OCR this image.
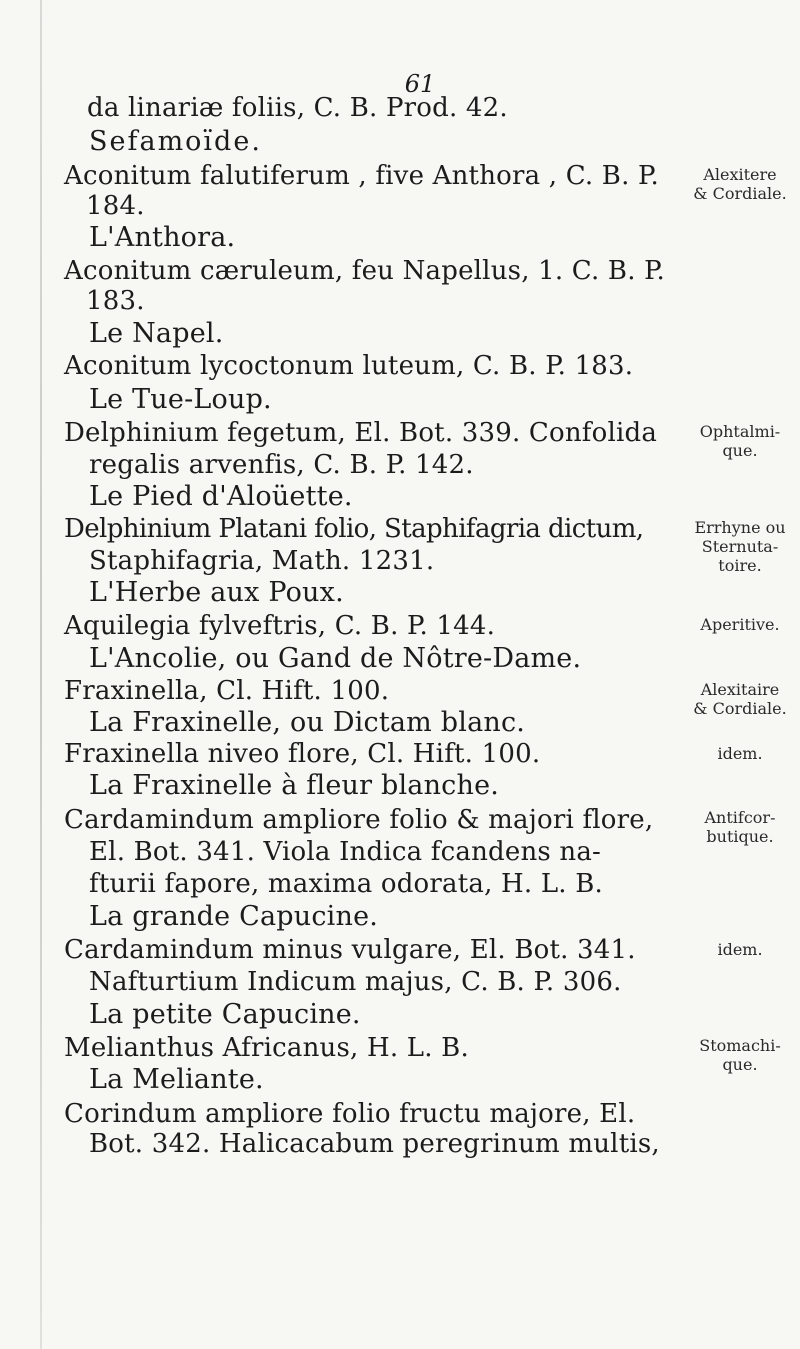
61
da linariæ foliis, C. B. Prod. 42.
Sefamoïde.
Aconitum falutiferum , five Anthora , C. B. P.
184.
L'Anthora.
Aconitum cæruleum, feu Napellus, 1. C. B. P.
183.
Le Napel.
Aconitum lycoctonum luteum, C. B. P. 183.
Le Tue-Loup.
Delphinium fegetum, El. Bot. 339. Confolida
regalis arvenfis, C. B. P. 142.
Le Pied d'Aloüette.
Delphinium Platani folio, Staphifagria dictum,
Staphifagria, Math. 1231.
L'Herbe aux Poux.
Aquilegia fylveftris, C. B. P. 144.
L'Ancolie, ou Gand de Nôtre-Dame.
Fraxinella, Cl. Hift. 100.
La Fraxinelle, ou Dictam blanc.
Fraxinella niveo flore, Cl. Hift. 100.
La Fraxinelle à fleur blanche.
Cardamindum ampliore folio & majori flore,
El. Bot. 341. Viola Indica fcandens na-
fturii fapore, maxima odorata, H. L. B.
La grande Capucine.
Cardamindum minus vulgare, El. Bot. 341.
Nafturtium Indicum majus, C. B. P. 306.
La petite Capucine.
Melianthus Africanus, H. L. B.
La Meliante.
Corindum ampliore folio fructu majore, El.
Bot. 342. Halicacabum peregrinum multis,
Alexitere
& Cordiale.
Ophtalmi-
que.
Errhyne ou
Sternuta-
toire.
Aperitive.
Alexitaire
& Cordiale.
idem.
Antifcor-
butique.
idem.
Stomachi-
que.
